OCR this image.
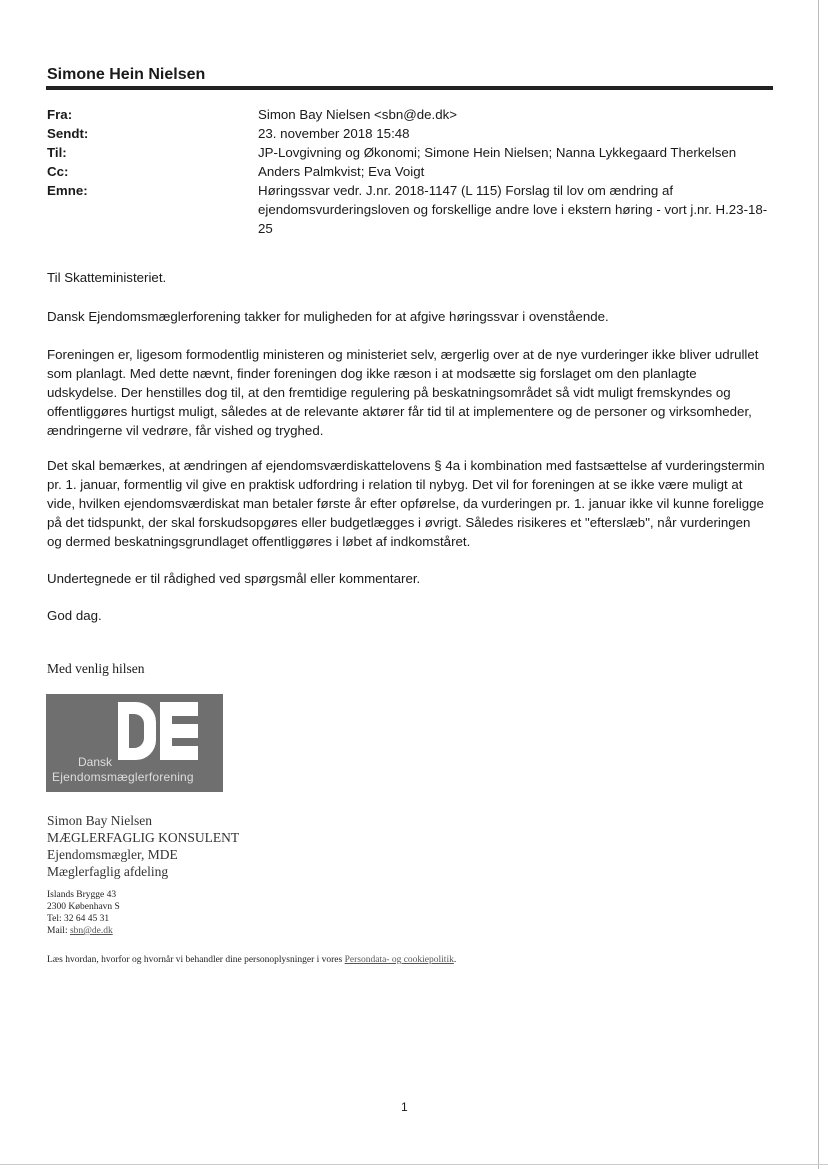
Simone Hein Nielsen
Fra:
Sendt:
Til:
Cc:
Emne:
Simon Bay Nielsen <sbn@de.dk>
23. november 2018 15:48
JP-Lovgivning og Økonomi; Simone Hein Nielsen; Nanna Lykkegaard Therkelsen
Anders Palmkvist; Eva Voigt
Høringssvar vedr. J.nr. 2018-1147 (L 115) Forslag til lov om ændring af ejendomsvurderingsloven og forskellige andre love i ekstern høring - vort j.nr. H.23-18-25
Til Skatteministeriet.
Dansk Ejendomsmæglerforening takker for muligheden for at afgive høringssvar i ovenstående.
Foreningen er, ligesom formodentlig ministeren og ministeriet selv, ærgerlig over at de nye vurderinger ikke bliver udrullet som planlagt. Med dette nævnt, finder foreningen dog ikke ræson i at modsætte sig forslaget om den planlagte udskydelse. Der henstilles dog til, at den fremtidige regulering på beskatningsområdet så vidt muligt fremskyndes og offentliggøres hurtigst muligt, således at de relevante aktører får tid til at implementere og de personer og virksomheder, ændringerne vil vedrøre, får vished og tryghed.
Det skal bemærkes, at ændringen af ejendomsværdiskattelovens § 4a i kombination med fastsættelse af vurderingstermin pr. 1. januar, formentlig vil give en praktisk udfordring i relation til nybyg. Det vil for foreningen at se ikke være muligt at vide, hvilken ejendomsværdiskat man betaler første år efter opførelse, da vurderingen pr. 1. januar ikke vil kunne foreligge på det tidspunkt, der skal forskudsopgøres eller budgetlægges i øvrigt. Således risikeres et "efterslæb", når vurderingen og dermed beskatningsgrundlaget offentliggøres i løbet af indkomståret.
Undertegnede er til rådighed ved spørgsmål eller kommentarer.
God dag.
Med venlig hilsen
Dansk
Ejendomsmæglerforening
Simon Bay Nielsen
MÆGLERFAGLIG KONSULENT
Ejendomsmægler, MDE
Mæglerfaglig afdeling
Islands Brygge 43
2300 København S
Tel: 32 64 45 31
Mail: sbn@de.dk
Læs hvordan, hvorfor og hvornår vi behandler dine personoplysninger i vores Persondata- og cookiepolitik.
1
